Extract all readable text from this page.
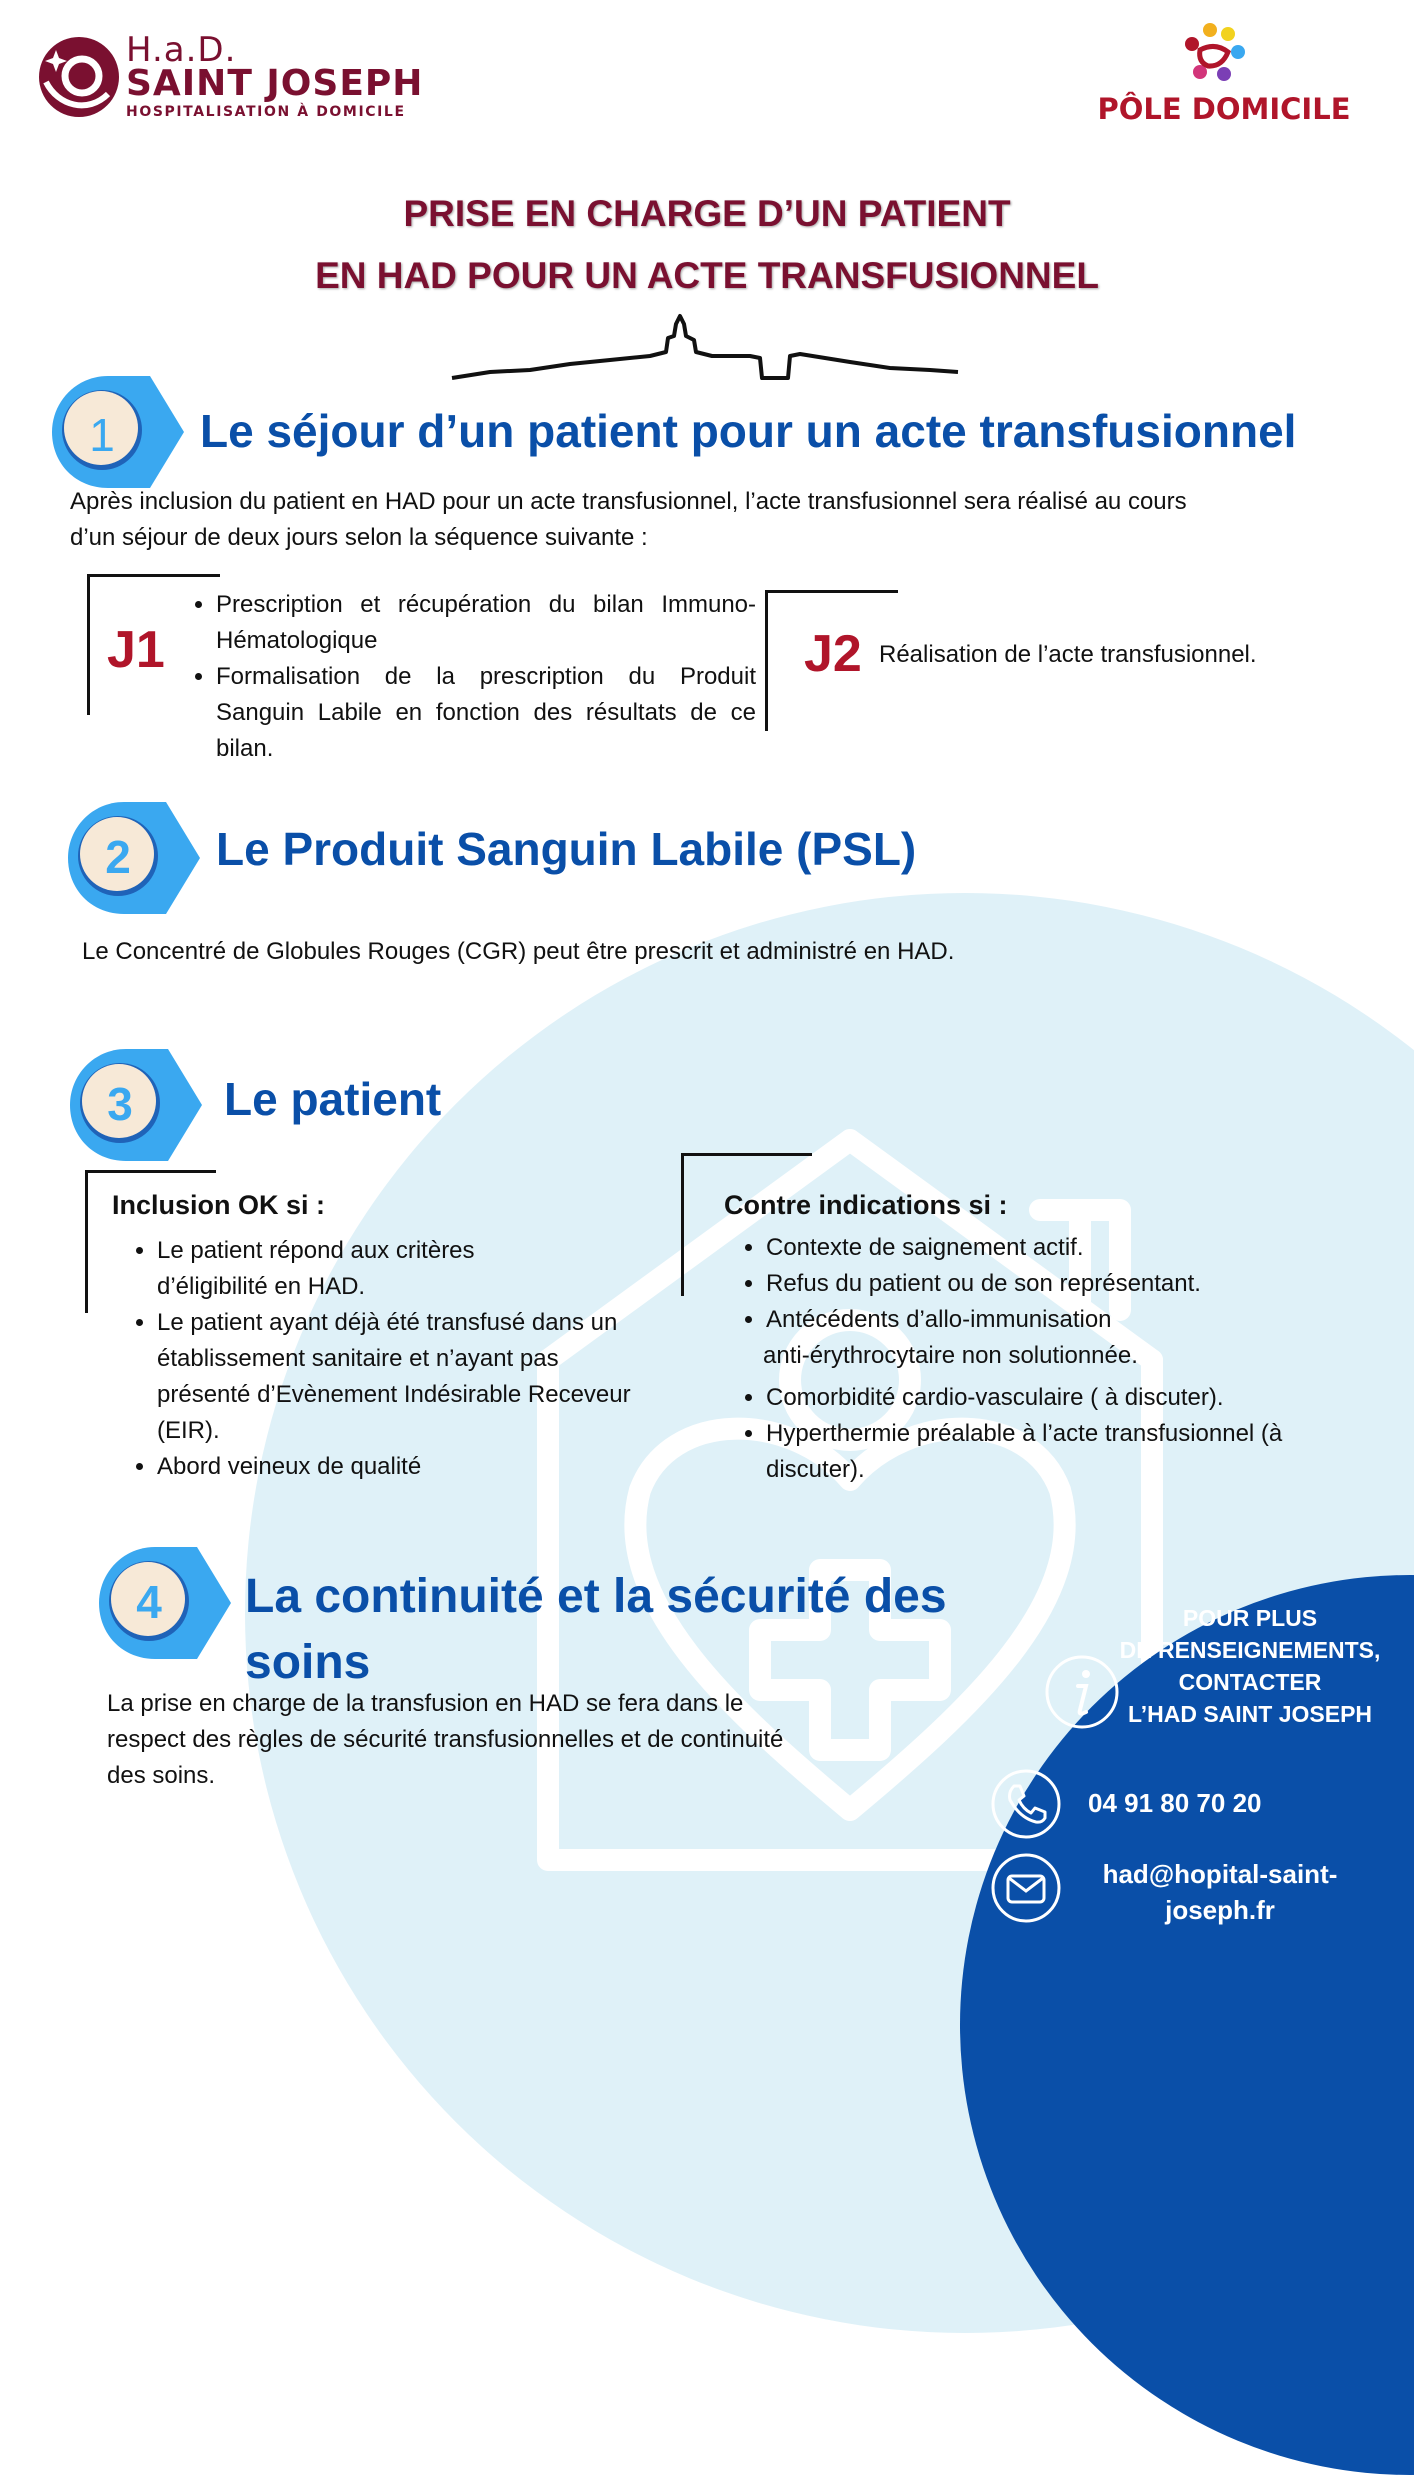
H.a.D.
SAINT JOSEPH
HOSPITALISATION À DOMICILE	PÔLE DOMICILE
PRISE EN CHARGE D’UN PATIENT
EN HAD POUR UN ACTE TRANSFUSIONNEL
1	Le séjour d’un patient pour un acte transfusionnel
Après inclusion du patient en HAD pour un acte transfusionnel, l’acte transfusionnel sera réalisé au cours
d’un séjour de deux jours selon la séquence suivante :
J1
• Prescription et récupération du bilan Immuno-Hématologique
• Formalisation de la prescription du Produit Sanguin Labile en fonction des résultats de ce bilan.
J2 Réalisation de l’acte transfusionnel.
2	Le Produit Sanguin Labile (PSL)
Le Concentré de Globules Rouges (CGR) peut être prescrit et administré en HAD.
3	Le patient
Inclusion OK si :
• Le patient répond aux critères d’éligibilité en HAD.
• Le patient ayant déjà été transfusé dans un établissement sanitaire et n’ayant pas présenté d’Evènement Indésirable Receveur (EIR).
• Abord veineux de qualité
Contre indications si :
• Contexte de saignement actif.
• Refus du patient ou de son représentant.
• Antécédents d’allo-immunisation
anti-érythrocytaire non solutionnée.
• Comorbidité cardio-vasculaire ( à discuter).
• Hyperthermie préalable à l’acte transfusionnel (à discuter).
4	La continuité et la sécurité des
soins
La prise en charge de la transfusion en HAD se fera dans le
respect des règles de sécurité transfusionnelles et de continuité
des soins.
POUR PLUS
DE RENSEIGNEMENTS,
CONTACTER
L’HAD SAINT JOSEPH
04 91 80 70 20
had@hopital-saint-
joseph.fr
